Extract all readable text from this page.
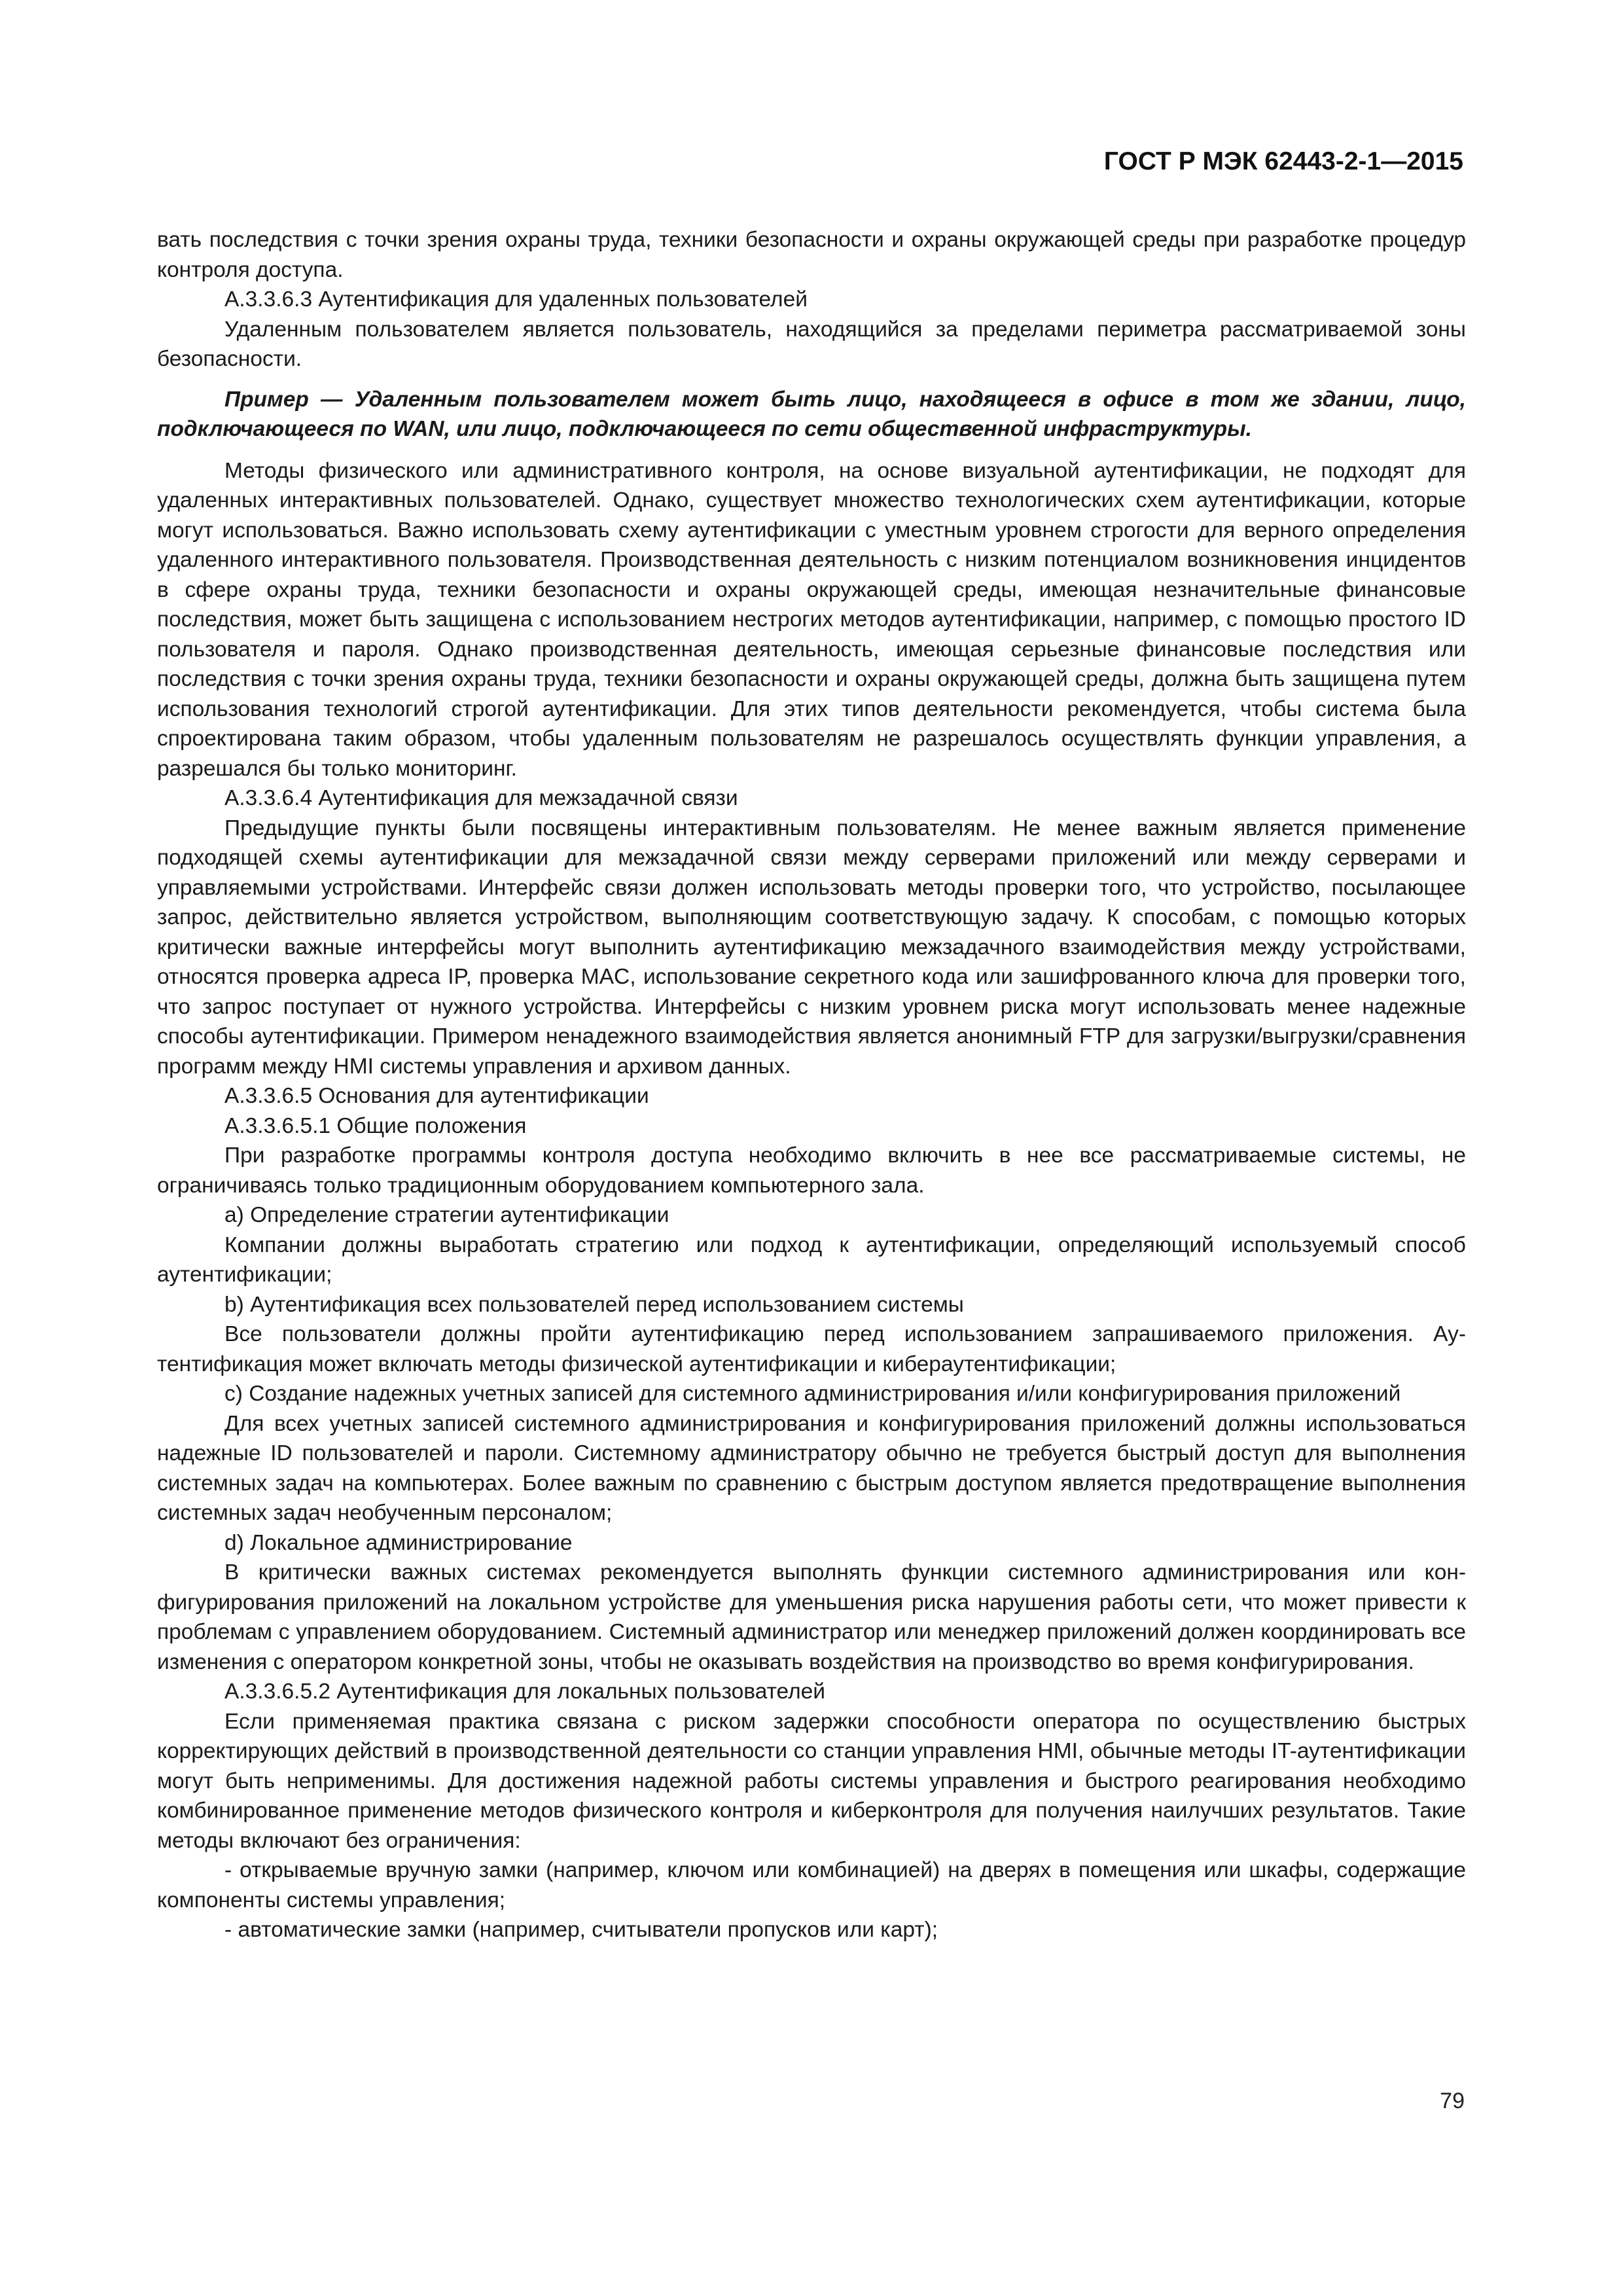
ГОСТ Р МЭК 62443-2-1—2015

вать последствия с точки зрения охраны труда, техники безопасности и охраны окружающей среды при разработке процедур контроля доступа.

А.3.3.6.3 Аутентификация для удаленных пользователей

Удаленным пользователем является пользователь, находящийся за пределами периметра рассматриваемой зоны безопасности.

Пример — Удаленным пользователем может быть лицо, находящееся в офисе в том же здании, лицо, подключающееся по WAN, или лицо, подключающееся по сети общественной инфраструктуры.

Методы физического или административного контроля, на основе визуальной аутентификации, не подходят для удаленных интерактивных пользователей. Однако, существует множество технологических схем аутентификации, которые могут использоваться. Важно использовать схему аутентификации с уместным уровнем строгости для верного определения удаленного интерактивного пользователя. Производственная деятельность с низким потенциалом возникновения инцидентов в сфере охраны труда, техники безопасности и охраны окружающей среды, имеющая незначительные финансовые последствия, может быть защищена с использованием нестрогих методов аутентификации, например, с помощью простого ID пользователя и пароля. Однако производственная деятельность, имеющая серьезные финансовые последствия или последствия с точки зрения охраны труда, техники безопасности и охраны окружающей среды, должна быть защищена путем использования технологий строгой аутентификации. Для этих типов деятельности рекомендуется, чтобы система была спроектирована таким образом, чтобы удаленным пользователям не разрешалось осуществлять функции управления, а разрешался бы только мониторинг.

А.3.3.6.4 Аутентификация для межзадачной связи

Предыдущие пункты были посвящены интерактивным пользователям. Не менее важным является применение подходящей схемы аутентификации для межзадачной связи между серверами приложений или между серверами и управляемыми устройствами. Интерфейс связи должен использовать методы проверки того, что устройство, посылающее запрос, действительно является устройством, выполняющим соответствующую задачу. К способам, с помощью которых критически важные интерфейсы могут выполнить аутентификацию межзадачного взаимодействия между устройствами, относятся проверка адреса IP, проверка MAC, использование секретного кода или зашифрованного ключа для проверки того, что запрос поступает от нужного устройства. Интерфейсы с низким уровнем риска могут использовать менее надежные способы аутентификации. Примером ненадежного взаимодействия является анонимный FTP для загрузки/выгрузки/сравнения программ между HMI системы управления и архивом данных.

А.3.3.6.5 Основания для аутентификации

А.3.3.6.5.1 Общие положения

При разработке программы контроля доступа необходимо включить в нее все рассматриваемые системы, не ограничиваясь только традиционным оборудованием компьютерного зала.

а) Определение стратегии аутентификации

Компании должны выработать стратегию или подход к аутентификации, определяющий используемый способ аутентификации;

b) Аутентификация всех пользователей перед использованием системы

Все пользователи должны пройти аутентификацию перед использованием запрашиваемого приложения. Аутентификация может включать методы физической аутентификации и кибераутентификации;

c) Создание надежных учетных записей для системного администрирования и/или конфигурирования приложений

Для всех учетных записей системного администрирования и конфигурирования приложений должны использоваться надежные ID пользователей и пароли. Системному администратору обычно не требуется быстрый доступ для выполнения системных задач на компьютерах. Более важным по сравнению с быстрым доступом является предотвращение выполнения системных задач необученным персоналом;

d) Локальное администрирование

В критически важных системах рекомендуется выполнять функции системного администрирования или конфигурирования приложений на локальном устройстве для уменьшения риска нарушения работы сети, что может привести к проблемам с управлением оборудованием. Системный администратор или менеджер приложений должен координировать все изменения с оператором конкретной зоны, чтобы не оказывать воздействия на производство во время конфигурирования.

А.3.3.6.5.2 Аутентификация для локальных пользователей

Если применяемая практика связана с риском задержки способности оператора по осуществлению быстрых корректирующих действий в производственной деятельности со станции управления HMI, обычные методы IT-аутентификации могут быть неприменимы. Для достижения надежной работы системы управления и быстрого реагирования необходимо комбинированное применение методов физического контроля и киберконтроля для получения наилучших результатов. Такие методы включают без ограничения:

- открываемые вручную замки (например, ключом или комбинацией) на дверях в помещения или шкафы, содержащие компоненты системы управления;

- автоматические замки (например, считыватели пропусков или карт);

79
